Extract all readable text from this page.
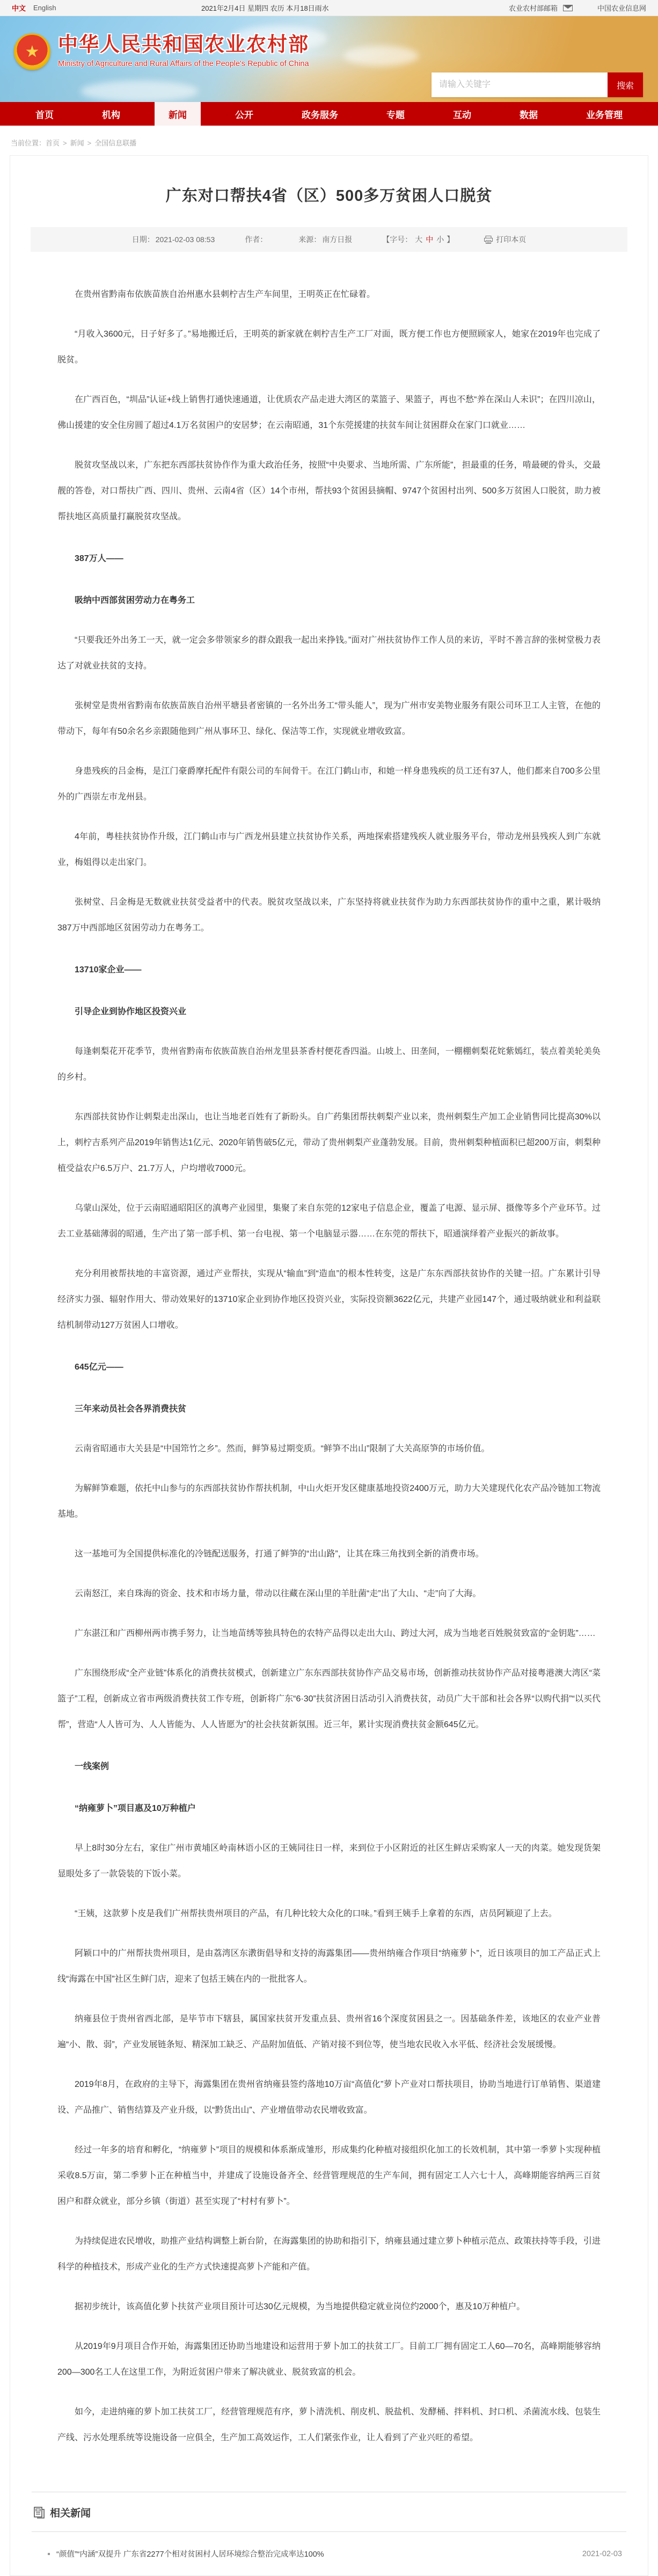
中文 English	2021年2月4日 星期四 农历 本月18日雨水	农业农村部邮箱	中国农业信息网
★ 中华人民共和国农业农村部
Ministry of Agriculture and Rural Affairs of the People's Republic of China
请输入关键字
搜索
首页	机构	新闻	公开	政务服务	专题	互动	数据	业务管理
当前位置：首页 > 新闻 > 全国信息联播
广东对口帮扶4省（区）500多万贫困人口脱贫
日期： 2021-02-03 08:53	作者：	来源： 南方日报	【字号： 大 中 小 】	打印本页

在贵州省黔南布依族苗族自治州惠水县刺柠吉生产车间里，王明英正在忙碌着。

“月收入3600元，日子好多了。”易地搬迁后，王明英的新家就在刺柠吉生产工厂对面，既方便工作也方便照顾家人，她家在2019年也完成了脱贫。

在广西百色，“圳品”认证+线上销售打通快速通道，让优质农产品走进大湾区的菜篮子、果篮子，再也不愁“养在深山人未识”；在四川凉山，佛山援建的安全住房圆了超过4.1万名贫困户的安居梦；在云南昭通，31个东莞援建的扶贫车间让贫困群众在家门口就业……

脱贫攻坚战以来，广东把东西部扶贫协作作为重大政治任务，按照“中央要求、当地所需、广东所能”，担最重的任务，啃最硬的骨头，交最靓的答卷，对口帮扶广西、四川、贵州、云南4省（区）14个市州，帮扶93个贫困县摘帽、9747个贫困村出列、500多万贫困人口脱贫，助力被帮扶地区高质量打赢脱贫攻坚战。

387万人——

吸纳中西部贫困劳动力在粤务工

“只要我还外出务工一天，就一定会多带领家乡的群众跟我一起出来挣钱。”面对广州扶贫协作工作人员的来访，平时不善言辞的张树堂极力表达了对就业扶贫的支持。

张树堂是贵州省黔南布依族苗族自治州平塘县者密镇的一名外出务工“带头能人”，现为广州市安美物业服务有限公司环卫工人主管，在他的带动下，每年有50余名乡亲跟随他到广州从事环卫、绿化、保洁等工作，实现就业增收致富。

身患残疾的吕金梅，是江门豪爵摩托配件有限公司的车间骨干。在江门鹤山市，和她一样身患残疾的员工还有37人，他们都来自700多公里外的广西崇左市龙州县。

4年前，粤桂扶贫协作升级，江门鹤山市与广西龙州县建立扶贫协作关系，两地探索搭建残疾人就业服务平台，带动龙州县残疾人到广东就业，梅姐得以走出家门。

张树堂、吕金梅是无数就业扶贫受益者中的代表。脱贫攻坚战以来，广东坚持将就业扶贫作为助力东西部扶贫协作的重中之重，累计吸纳387万中西部地区贫困劳动力在粤务工。

13710家企业——

引导企业到协作地区投资兴业

每逢刺梨花开花季节，贵州省黔南布依族苗族自治州龙里县茶香村便花香四溢。山坡上、田垄间，一棚棚刺梨花姹紫嫣红，装点着美轮美奂的乡村。

东西部扶贫协作让刺梨走出深山，也让当地老百姓有了新盼头。自广药集团帮扶刺梨产业以来，贵州刺梨生产加工企业销售同比提高30%以上，刺柠吉系列产品2019年销售达1亿元、2020年销售破5亿元，带动了贵州刺梨产业蓬勃发展。目前，贵州刺梨种植面积已超200万亩，刺梨种植受益农户6.5万户、21.7万人，户均增收7000元。

乌蒙山深处，位于云南昭通昭阳区的滇粤产业园里，集聚了来自东莞的12家电子信息企业，覆盖了电源、显示屏、摄像等多个产业环节。过去工业基础薄弱的昭通，生产出了第一部手机、第一台电视、第一个电脑显示器……在东莞的帮扶下，昭通演绎着产业振兴的新故事。

充分利用被帮扶地的丰富资源，通过产业帮扶，实现从“输血”到“造血”的根本性转变，这是广东东西部扶贫协作的关键一招。广东累计引导经济实力强、辐射作用大、带动效果好的13710家企业到协作地区投资兴业，实际投资额3622亿元，共建产业园147个，通过吸纳就业和利益联结机制带动127万贫困人口增收。

645亿元——

三年来动员社会各界消费扶贫

云南省昭通市大关县是“中国筇竹之乡”。然而，鲜笋易过期变质。“鲜笋不出山”限制了大关高原笋的市场价值。

为解鲜笋难题，依托中山参与的东西部扶贫协作帮扶机制，中山火炬开发区健康基地投资2400万元，助力大关建现代化农产品冷链加工物流基地。

这一基地可为全国提供标准化的冷链配送服务，打通了鲜笋的“出山路”，让其在珠三角找到全新的消费市场。

云南怒江，来自珠海的资金、技术和市场力量，带动以往藏在深山里的羊肚菌“走”出了大山、“走”向了大海。

广东湛江和广西柳州两市携手努力，让当地苗绣等独具特色的农特产品得以走出大山、跨过大河，成为当地老百姓脱贫致富的“金钥匙”……

广东围绕形成“全产业链”体系化的消费扶贫模式，创新建立广东东西部扶贫协作产品交易市场，创新推动扶贫协作产品对接粤港澳大湾区“菜篮子”工程，创新成立省市两级消费扶贫工作专班，创新将广东“6·30”扶贫济困日活动引入消费扶贫，动员广大干部和社会各界“以购代捐”“以买代帮”，营造“人人皆可为、人人皆能为、人人皆愿为”的社会扶贫新氛围。近三年，累计实现消费扶贫金额645亿元。

一线案例

“纳雍萝卜”项目惠及10万种植户

早上8时30分左右，家住广州市黄埔区岭南林语小区的王姨同往日一样，来到位于小区附近的社区生鲜店采购家人一天的肉菜。她发现货架显眼处多了一款袋装的下饭小菜。

“王姨，这款萝卜皮是我们广州帮扶贵州项目的产品，有几种比较大众化的口味。”看到王姨手上拿着的东西，店员阿颖迎了上去。

阿颖口中的广州帮扶贵州项目，是由荔湾区东漖街倡导和支持的海露集团——贵州纳雍合作项目“纳雍萝卜”，近日该项目的加工产品正式上线“海露在中国”社区生鲜门店，迎来了包括王姨在内的一批批客人。

纳雍县位于贵州省西北部，是毕节市下辖县，属国家扶贫开发重点县、贵州省16个深度贫困县之一。因基础条件差，该地区的农业产业普遍“小、散、弱”，产业发展链条短、精深加工缺乏、产品附加值低、产销对接不到位等，使当地农民收入水平低、经济社会发展缓慢。

2019年8月，在政府的主导下，海露集团在贵州省纳雍县签约落地10万亩“高值化”萝卜产业对口帮扶项目，协助当地进行订单销售、渠道建设、产品推广、销售结算及产业升级，以“黔货出山”、产业增值带动农民增收致富。

经过一年多的培育和孵化，“纳雍萝卜”项目的规模和体系渐成雏形，形成集约化种植对接组织化加工的长效机制，其中第一季萝卜实现种植采收8.5万亩，第二季萝卜正在种植当中，并建成了设施设备齐全、经营管理规范的生产车间，拥有固定工人六七十人，高峰期能容纳两三百贫困户和群众就业，部分乡镇（街道）甚至实现了“村村有萝卜”。

为持续促进农民增收，助推产业结构调整上新台阶，在海露集团的协助和指引下，纳雍县通过建立萝卜种植示范点、政策扶持等手段，引进科学的种植技术，形成产业化的生产方式快速提高萝卜产能和产值。

据初步统计，该高值化萝卜扶贫产业项目预计可达30亿元规模，为当地提供稳定就业岗位约2000个，惠及10万种植户。

从2019年9月项目合作开始，海露集团还协助当地建设和运营用于萝卜加工的扶贫工厂。目前工厂拥有固定工人60—70名，高峰期能够容纳200—300名工人在这里工作，为附近贫困户带来了解决就业、脱贫致富的机会。

如今，走进纳雍的萝卜加工扶贫工厂，经营管理规范有序，萝卜清洗机、削皮机、脱盐机、发酵桶、拌料机、封口机、杀菌流水线、包装生产线、污水处理系统等设施设备一应俱全，生产加工高效运作，工人们紧张作业，让人看到了产业兴旺的希望。

相关新闻
“颜值”“内涵”双提升 广东省2277个相对贫困村人居环境综合整治完成率达100%	2021-02-03
